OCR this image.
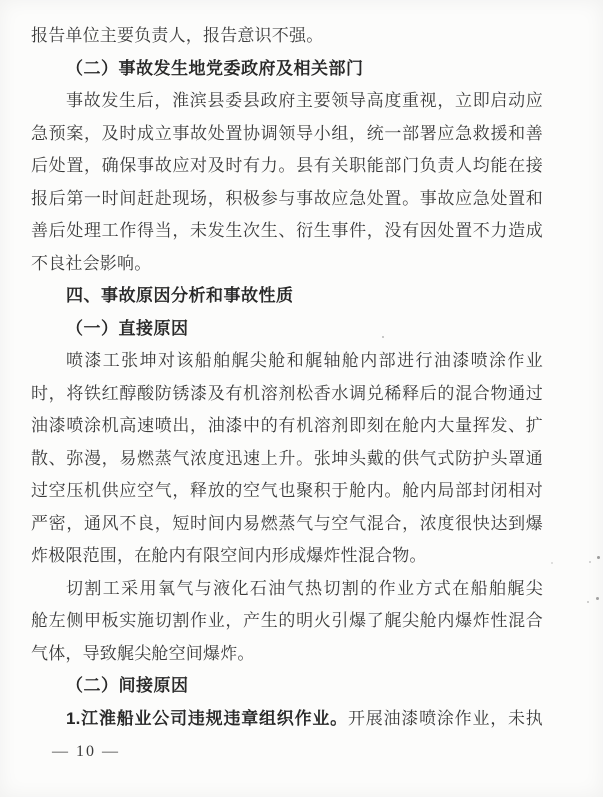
报告单位主要负责人，报告意识不强。
（二）事故发生地党委政府及相关部门
事故发生后，淮滨县委县政府主要领导高度重视，立即启动应
急预案，及时成立事故处置协调领导小组，统一部署应急救援和善
后处置，确保事故应对及时有力。县有关职能部门负责人均能在接
报后第一时间赶赴现场，积极参与事故应急处置。事故应急处置和
善后处理工作得当，未发生次生、衍生事件，没有因处置不力造成
不良社会影响。
四、事故原因分析和事故性质
（一）直接原因
喷漆工张坤对该船舶艉尖舱和艉轴舱内部进行油漆喷涂作业
时，将铁红醇酸防锈漆及有机溶剂松香水调兑稀释后的混合物通过
油漆喷涂机高速喷出，油漆中的有机溶剂即刻在舱内大量挥发、扩
散、弥漫，易燃蒸气浓度迅速上升。张坤头戴的供气式防护头罩通
过空压机供应空气，释放的空气也聚积于舱内。舱内局部封闭相对
严密，通风不良，短时间内易燃蒸气与空气混合，浓度很快达到爆
炸极限范围，在舱内有限空间内形成爆炸性混合物。
切割工采用氧气与液化石油气热切割的作业方式在船舶艉尖
舱左侧甲板实施切割作业，产生的明火引爆了艉尖舱内爆炸性混合
气体，导致艉尖舱空间爆炸。
（二）间接原因
1.江淮船业公司违规违章组织作业。开展油漆喷涂作业，未执
— 10 —
